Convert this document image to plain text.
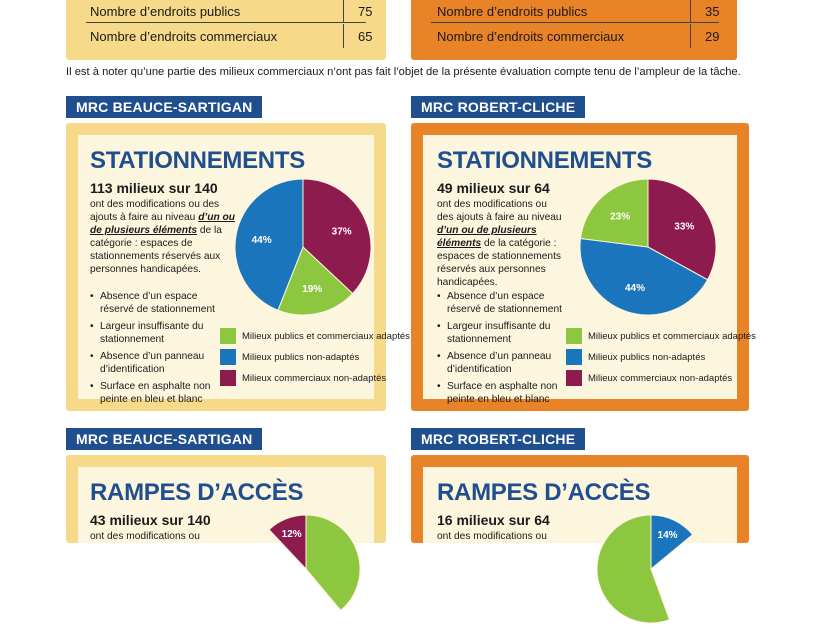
Nombre d’endroits publics	75
Nombre d’endroits commerciaux	65
Nombre d’endroits publics	35
Nombre d’endroits commerciaux	29
Il est à noter qu’une partie des milieux commerciaux n’ont pas fait l’objet de la présente évaluation compte tenu de l’ampleur de la tâche.
MRC BEAUCE-SARTIGAN
STATIONNEMENTS
113 milieux sur 140
ont des modifications ou des ajouts à faire au niveau d’un ou de plusieurs éléments de la catégorie : espaces de stationnements réservés aux personnes handicapées.
• Absence d’un espace réservé de stationnement
• Largeur insuffisante du stationnement
• Absence d’un panneau d’identification
• Surface en asphalte non peinte en bleu et blanc
37%
19%
44%
Milieux publics et commerciaux adaptés
Milieux publics non-adaptés
Milieux commerciaux non-adaptés
MRC ROBERT-CLICHE
STATIONNEMENTS
49 milieux sur 64
ont des modifications ou des ajouts à faire au niveau d’un ou de plusieurs éléments de la catégorie : espaces de stationnements réservés aux personnes handicapées.
• Absence d’un espace réservé de stationnement
• Largeur insuffisante du stationnement
• Absence d’un panneau d’identification
• Surface en asphalte non peinte en bleu et blanc
33%
44%
23%
Milieux publics et commerciaux adaptés
Milieux publics non-adaptés
Milieux commerciaux non-adaptés
MRC BEAUCE-SARTIGAN
RAMPES D’ACCÈS
43 milieux sur 140
ont des modifications ou	12%
MRC ROBERT-CLICHE
RAMPES D’ACCÈS
16 milieux sur 64
ont des modifications ou	14%
